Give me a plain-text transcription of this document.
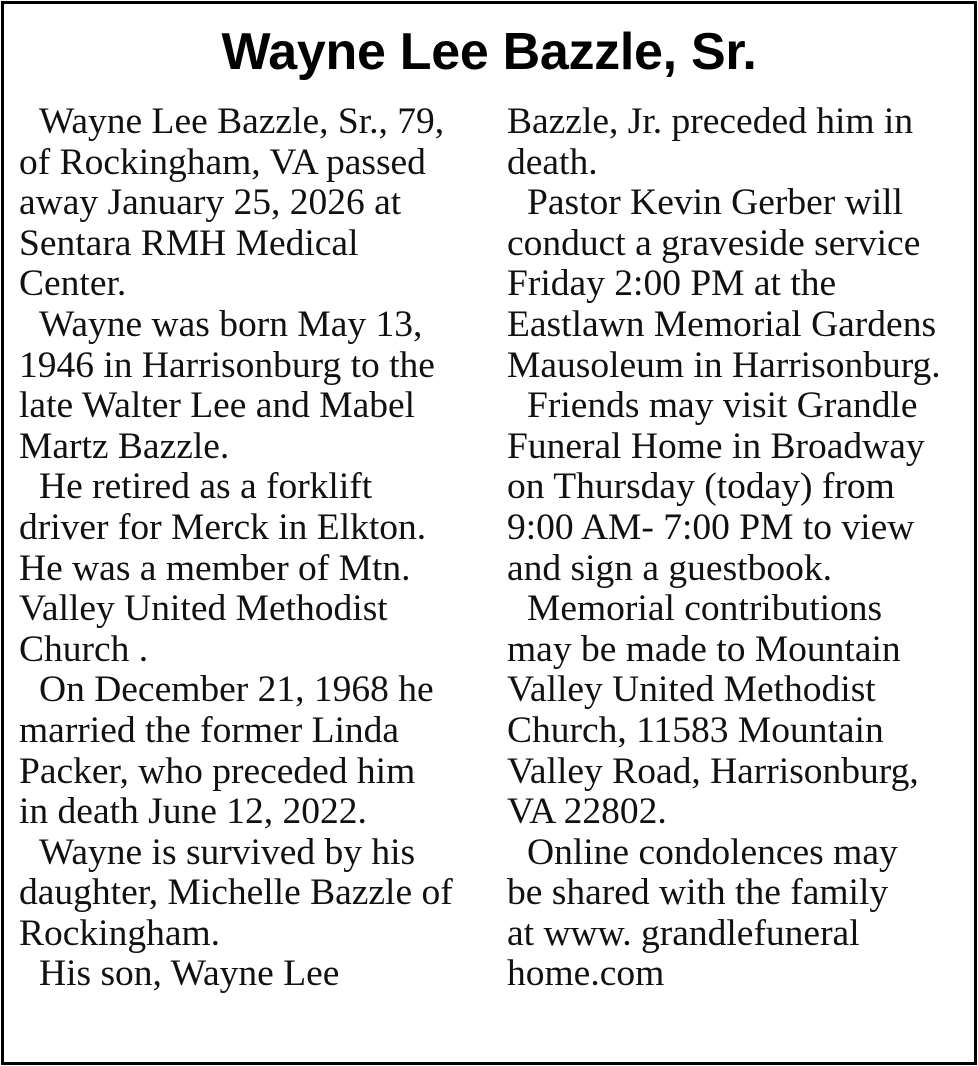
Wayne Lee Bazzle, Sr.
Wayne Lee Bazzle, Sr., 79,
of Rockingham, VA passed
away January 25, 2026 at
Sentara RMH Medical
Center.
Wayne was born May 13,
1946 in Harrisonburg to the
late Walter Lee and Mabel
Martz Bazzle.
He retired as a forklift
driver for Merck in Elkton.
He was a member of Mtn.
Valley United Methodist
Church .
On December 21, 1968 he
married the former Linda
Packer, who preceded him
in death June 12, 2022.
Wayne is survived by his
daughter, Michelle Bazzle of
Rockingham.
His son, Wayne Lee
Bazzle, Jr. preceded him in
death.
Pastor Kevin Gerber will
conduct a graveside service
Friday 2:00 PM at the
Eastlawn Memorial Gardens
Mausoleum in Harrisonburg.
Friends may visit Grandle
Funeral Home in Broadway
on Thursday (today) from
9:00 AM- 7:00 PM to view
and sign a guestbook.
Memorial contributions
may be made to Mountain
Valley United Methodist
Church, 11583 Mountain
Valley Road, Harrisonburg,
VA 22802.
Online condolences may
be shared with the family
at www. grandlefuneral
home.com
